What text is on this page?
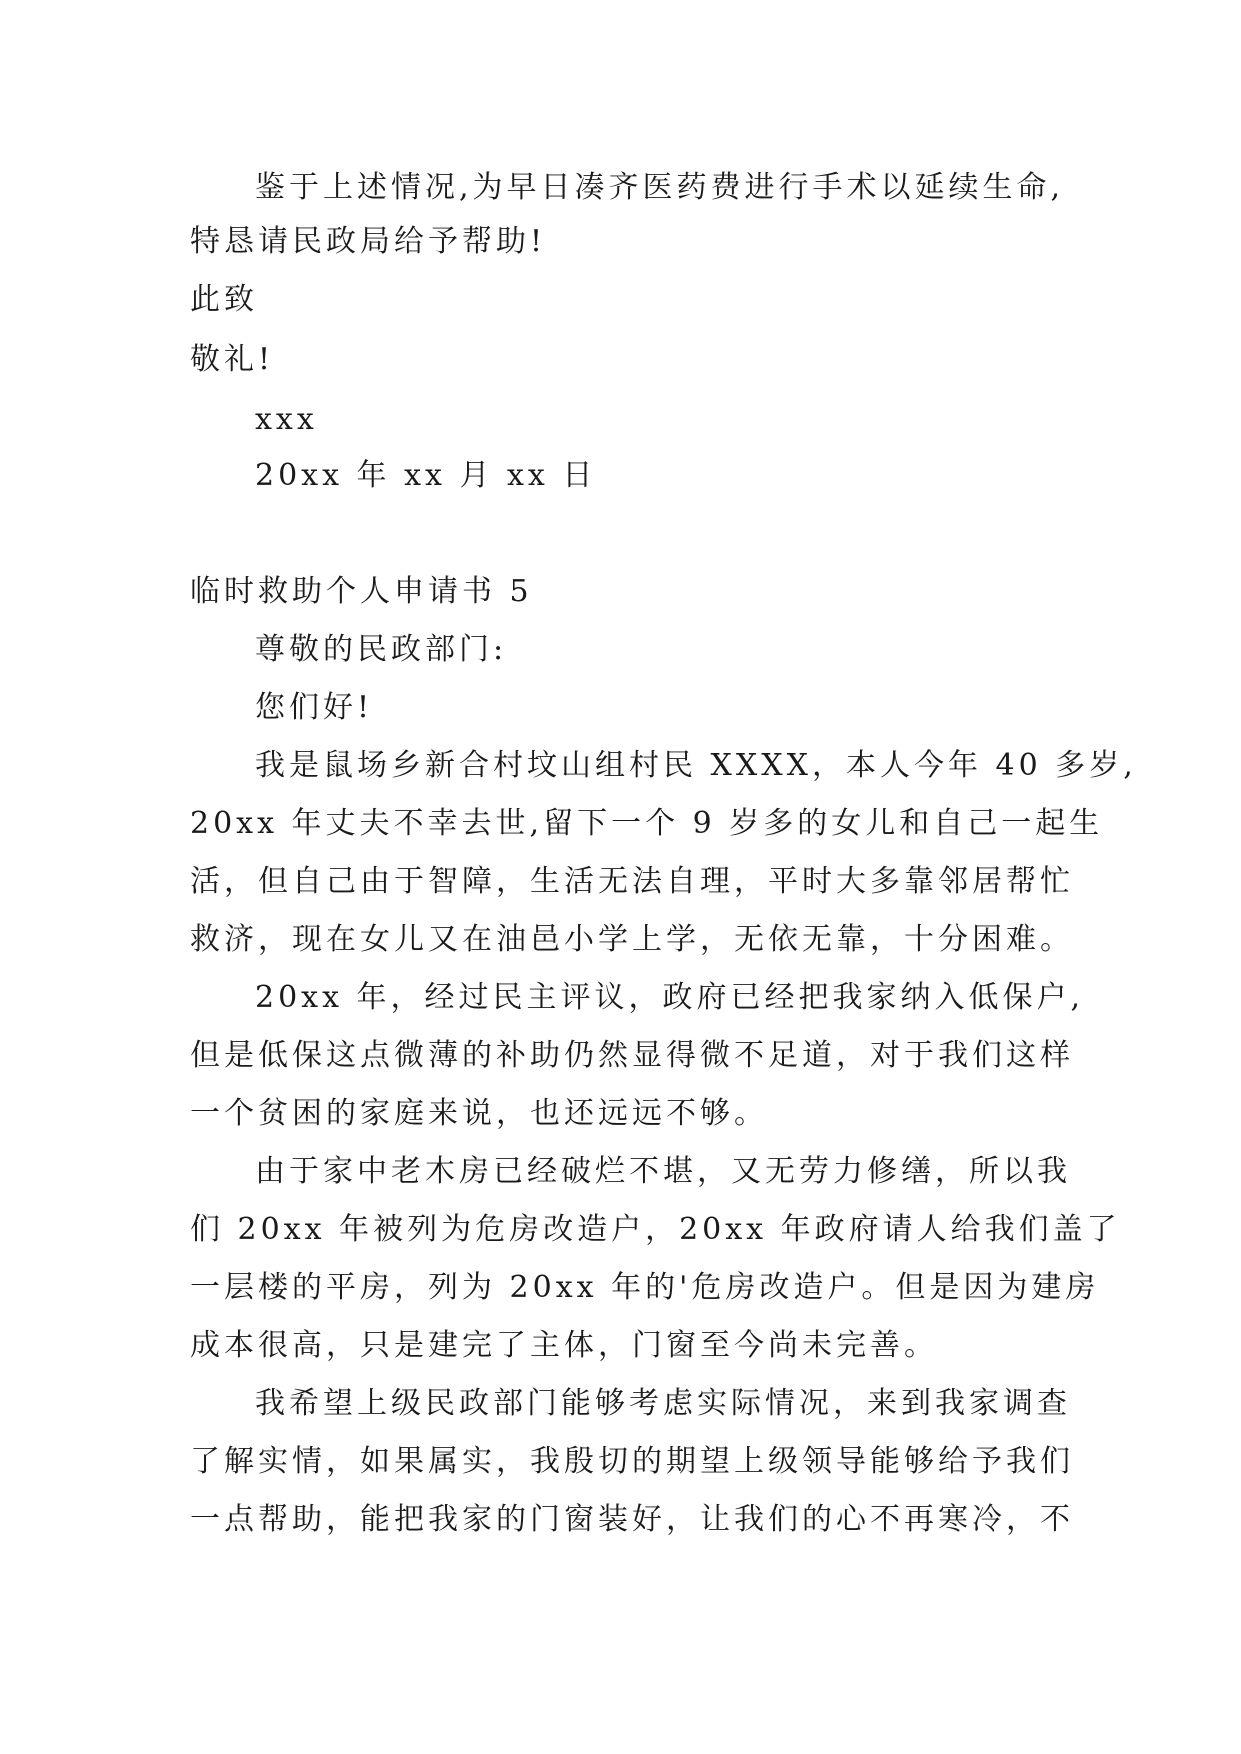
鉴于上述情况,为早日凑齐医药费进行手术以延续生命,
特恳请民政局给予帮助!
此致
敬礼!
xxx
20xx 年 xx 月 xx 日
临时救助个人申请书 5
尊敬的民政部门:
您们好!
我是鼠场乡新合村坟山组村民 XXXX，本人今年 40 多岁,
20xx 年丈夫不幸去世,留下一个 9 岁多的女儿和自己一起生
活，但自己由于智障，生活无法自理，平时大多靠邻居帮忙
救济，现在女儿又在油邑小学上学，无依无靠，十分困难。
20xx 年，经过民主评议，政府已经把我家纳入低保户,
但是低保这点微薄的补助仍然显得微不足道，对于我们这样
一个贫困的家庭来说，也还远远不够。
由于家中老木房已经破烂不堪，又无劳力修缮，所以我
们 20xx 年被列为危房改造户，20xx 年政府请人给我们盖了
一层楼的平房，列为 20xx 年的'危房改造户。但是因为建房
成本很高，只是建完了主体，门窗至今尚未完善。
我希望上级民政部门能够考虑实际情况，来到我家调查
了解实情，如果属实，我殷切的期望上级领导能够给予我们
一点帮助，能把我家的门窗装好，让我们的心不再寒冷，不
